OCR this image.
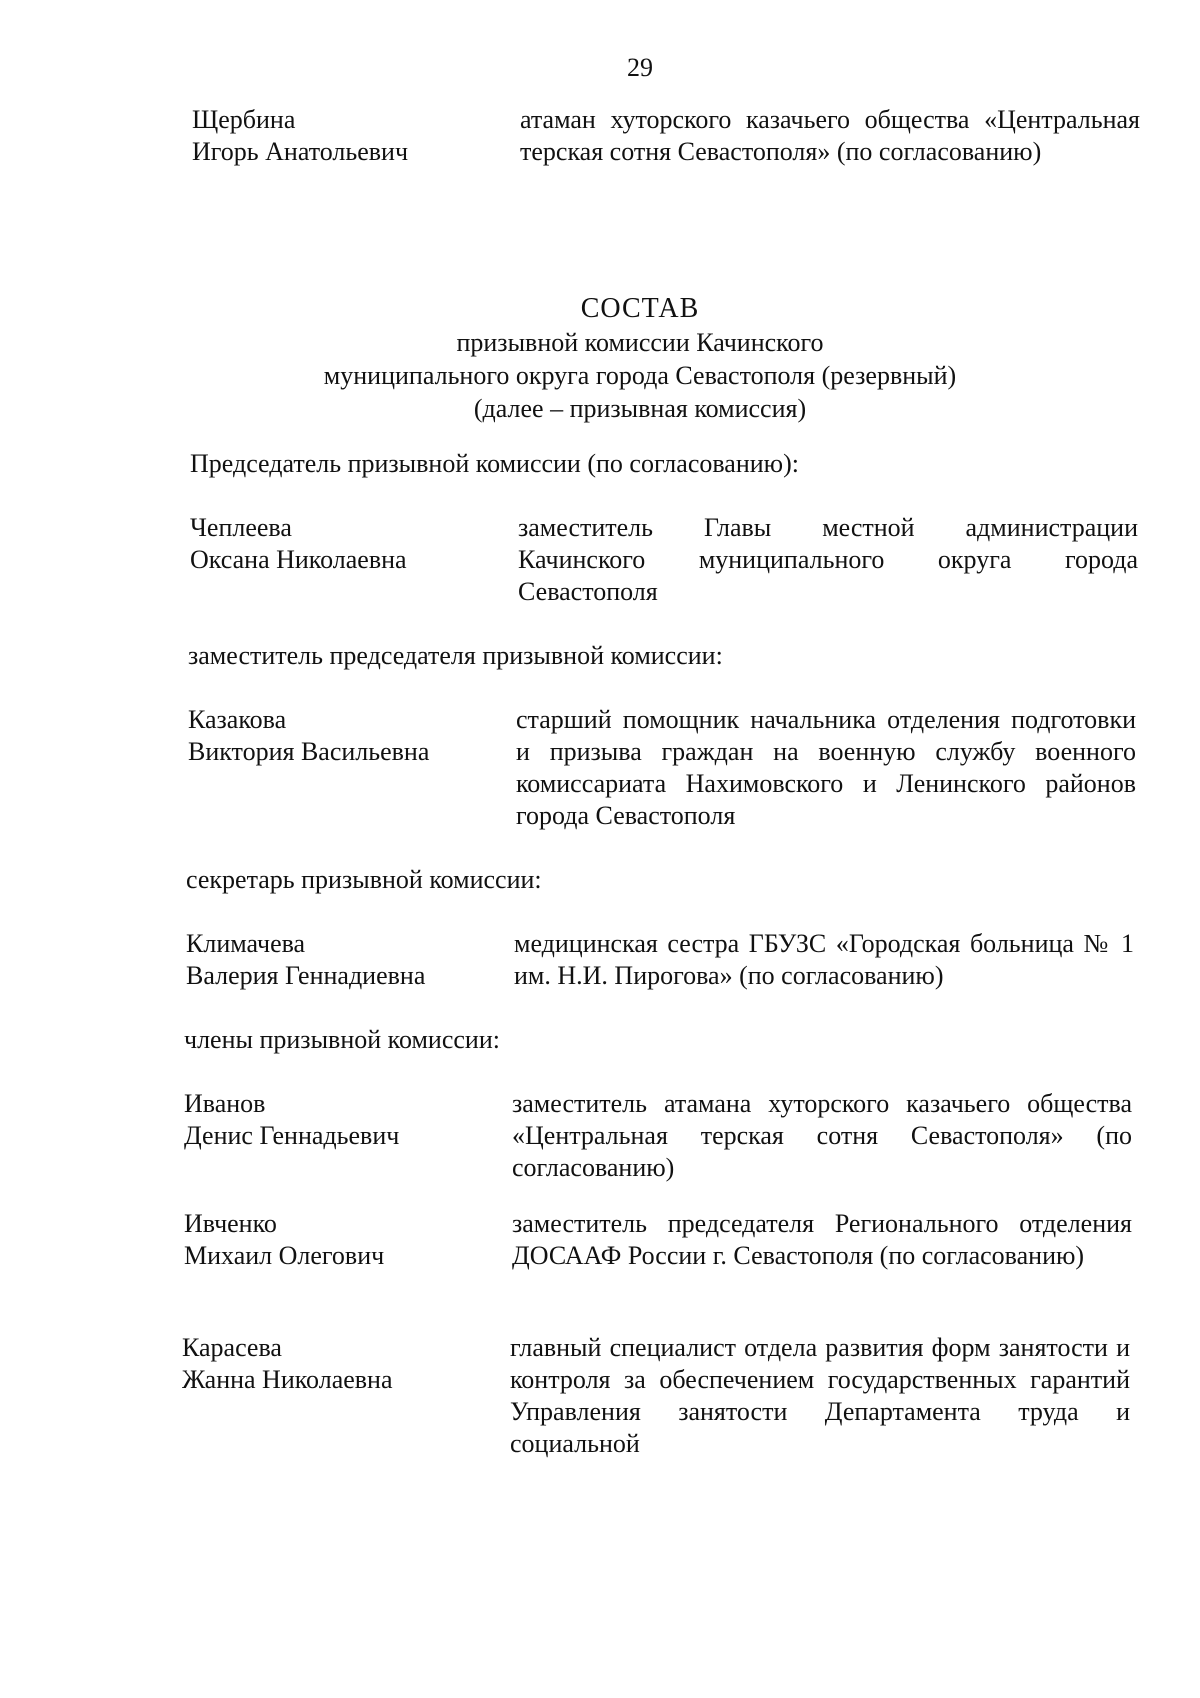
29
Щербина
Игорь Анатольевич
атаман хуторского казачьего общества «Центральная терская сотня Севастополя» (по согласованию)
СОСТАВ
призывной комиссии Качинского
муниципального округа города Севастополя (резервный)
(далее – призывная комиссия)
Председатель призывной комиссии (по согласованию):
Чеплеева
Оксана Николаевна
заместитель Главы местной администрации Качинского муниципального округа города Севастополя
заместитель председателя призывной комиссии:
Казакова
Виктория Васильевна
старший помощник начальника отделения подготовки и призыва граждан на военную службу военного комиссариата Нахимовского и Ленинского районов города Севастополя
секретарь призывной комиссии:
Климачева
Валерия Геннадиевна
медицинская сестра ГБУЗС «Городская больница № 1 им. Н.И. Пирогова» (по согласованию)
члены призывной комиссии:
Иванов
Денис Геннадьевич
заместитель атамана хуторского казачьего общества «Центральная терская сотня Севастополя» (по согласованию)
Ивченко
Михаил Олегович
заместитель председателя Регионального отделения ДОСААФ России г. Севастополя (по согласованию)
Карасева
Жанна Николаевна
главный специалист отдела развития форм занятости и контроля за обеспечением государственных гарантий Управления занятости Департамента труда и социальной
